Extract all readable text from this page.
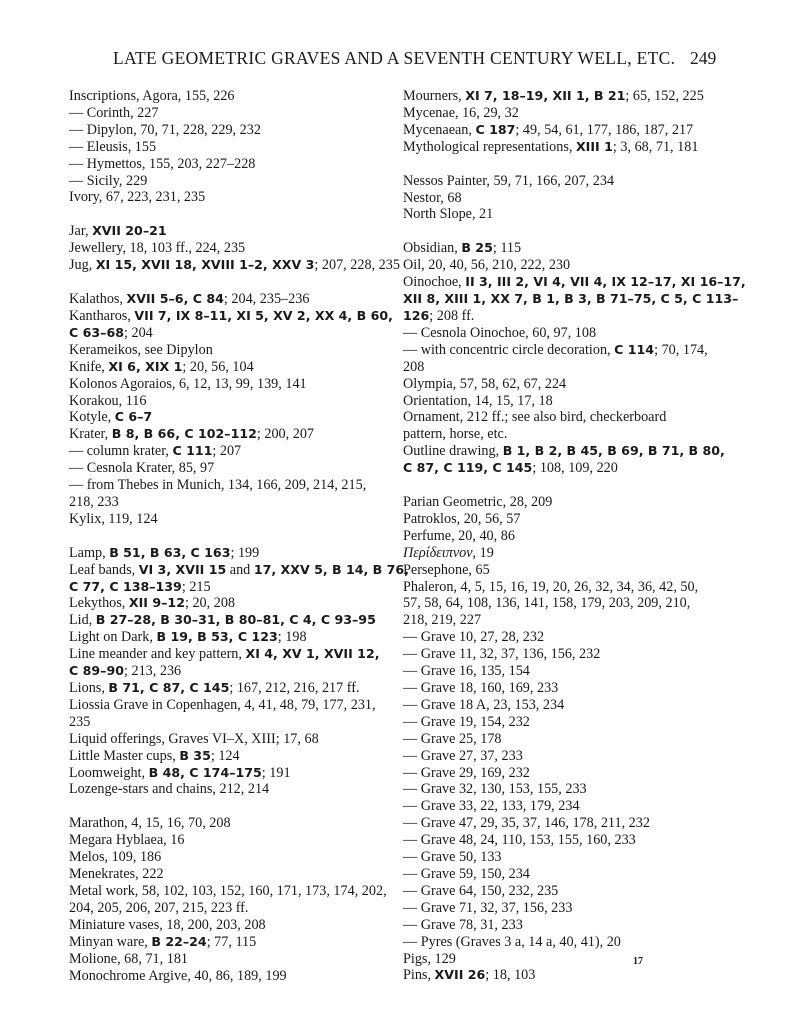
LATE GEOMETRIC GRAVES AND A SEVENTH CENTURY WELL, ETC. 249
Inscriptions, Agora, 155, 226
— Corinth, 227
— Dipylon, 70, 71, 228, 229, 232
— Eleusis, 155
— Hymettos, 155, 203, 227–228
— Sicily, 229
Ivory, 67, 223, 231, 235
Jar, XVII 20–21
Jewellery, 18, 103 ff., 224, 235
Jug, XI 15, XVII 18, XVIII 1–2, XXV 3; 207, 228, 235
Kalathos, XVII 5–6, C 84; 204, 235–236
Kantharos, VII 7, IX 8–11, XI 5, XV 2, XX 4, B 60,
C 63–68; 204
Kerameikos, see Dipylon
Knife, XI 6, XIX 1; 20, 56, 104
Kolonos Agoraios, 6, 12, 13, 99, 139, 141
Korakou, 116
Kotyle, C 6–7
Krater, B 8, B 66, C 102–112; 200, 207
— column krater, C 111; 207
— Cesnola Krater, 85, 97
— from Thebes in Munich, 134, 166, 209, 214, 215,
218, 233
Kylix, 119, 124
Lamp, B 51, B 63, C 163; 199
Leaf bands, VI 3, XVII 15 and 17, XXV 5, B 14, B 76,
C 77, C 138–139; 215
Lekythos, XII 9–12; 20, 208
Lid, B 27–28, B 30–31, B 80–81, C 4, C 93–95
Light on Dark, B 19, B 53, C 123; 198
Line meander and key pattern, XI 4, XV 1, XVII 12,
C 89–90; 213, 236
Lions, B 71, C 87, C 145; 167, 212, 216, 217 ff.
Liossia Grave in Copenhagen, 4, 41, 48, 79, 177, 231,
235
Liquid offerings, Graves VI–X, XIII; 17, 68
Little Master cups, B 35; 124
Loomweight, B 48, C 174–175; 191
Lozenge-stars and chains, 212, 214
Marathon, 4, 15, 16, 70, 208
Megara Hyblaea, 16
Melos, 109, 186
Menekrates, 222
Metal work, 58, 102, 103, 152, 160, 171, 173, 174, 202,
204, 205, 206, 207, 215, 223 ff.
Miniature vases, 18, 200, 203, 208
Minyan ware, B 22–24; 77, 115
Molione, 68, 71, 181
Monochrome Argive, 40, 86, 189, 199
Mourners, XI 7, 18–19, XII 1, B 21; 65, 152, 225
Mycenae, 16, 29, 32
Mycenaean, C 187; 49, 54, 61, 177, 186, 187, 217
Mythological representations, XIII 1; 3, 68, 71, 181
Nessos Painter, 59, 71, 166, 207, 234
Nestor, 68
North Slope, 21
Obsidian, B 25; 115
Oil, 20, 40, 56, 210, 222, 230
Oinochoe, II 3, III 2, VI 4, VII 4, IX 12–17, XI 16–17,
XII 8, XIII 1, XX 7, B 1, B 3, B 71–75, C 5, C 113–
126; 208 ff.
— Cesnola Oinochoe, 60, 97, 108
— with concentric circle decoration, C 114; 70, 174,
208
Olympia, 57, 58, 62, 67, 224
Orientation, 14, 15, 17, 18
Ornament, 212 ff.; see also bird, checkerboard
pattern, horse, etc.
Outline drawing, B 1, B 2, B 45, B 69, B 71, B 80,
C 87, C 119, C 145; 108, 109, 220
Parian Geometric, 28, 209
Patroklos, 20, 56, 57
Perfume, 20, 40, 86
Περίδειπνον, 19
Persephone, 65
Phaleron, 4, 5, 15, 16, 19, 20, 26, 32, 34, 36, 42, 50,
57, 58, 64, 108, 136, 141, 158, 179, 203, 209, 210,
218, 219, 227
— Grave 10, 27, 28, 232
— Grave 11, 32, 37, 136, 156, 232
— Grave 16, 135, 154
— Grave 18, 160, 169, 233
— Grave 18 A, 23, 153, 234
— Grave 19, 154, 232
— Grave 25, 178
— Grave 27, 37, 233
— Grave 29, 169, 232
— Grave 32, 130, 153, 155, 233
— Grave 33, 22, 133, 179, 234
— Grave 47, 29, 35, 37, 146, 178, 211, 232
— Grave 48, 24, 110, 153, 155, 160, 233
— Grave 50, 133
— Grave 59, 150, 234
— Grave 64, 150, 232, 235
— Grave 71, 32, 37, 156, 233
— Grave 78, 31, 233
— Pyres (Graves 3 a, 14 a, 40, 41), 20
Pigs, 129
Pins, XVII 26; 18, 103
17
